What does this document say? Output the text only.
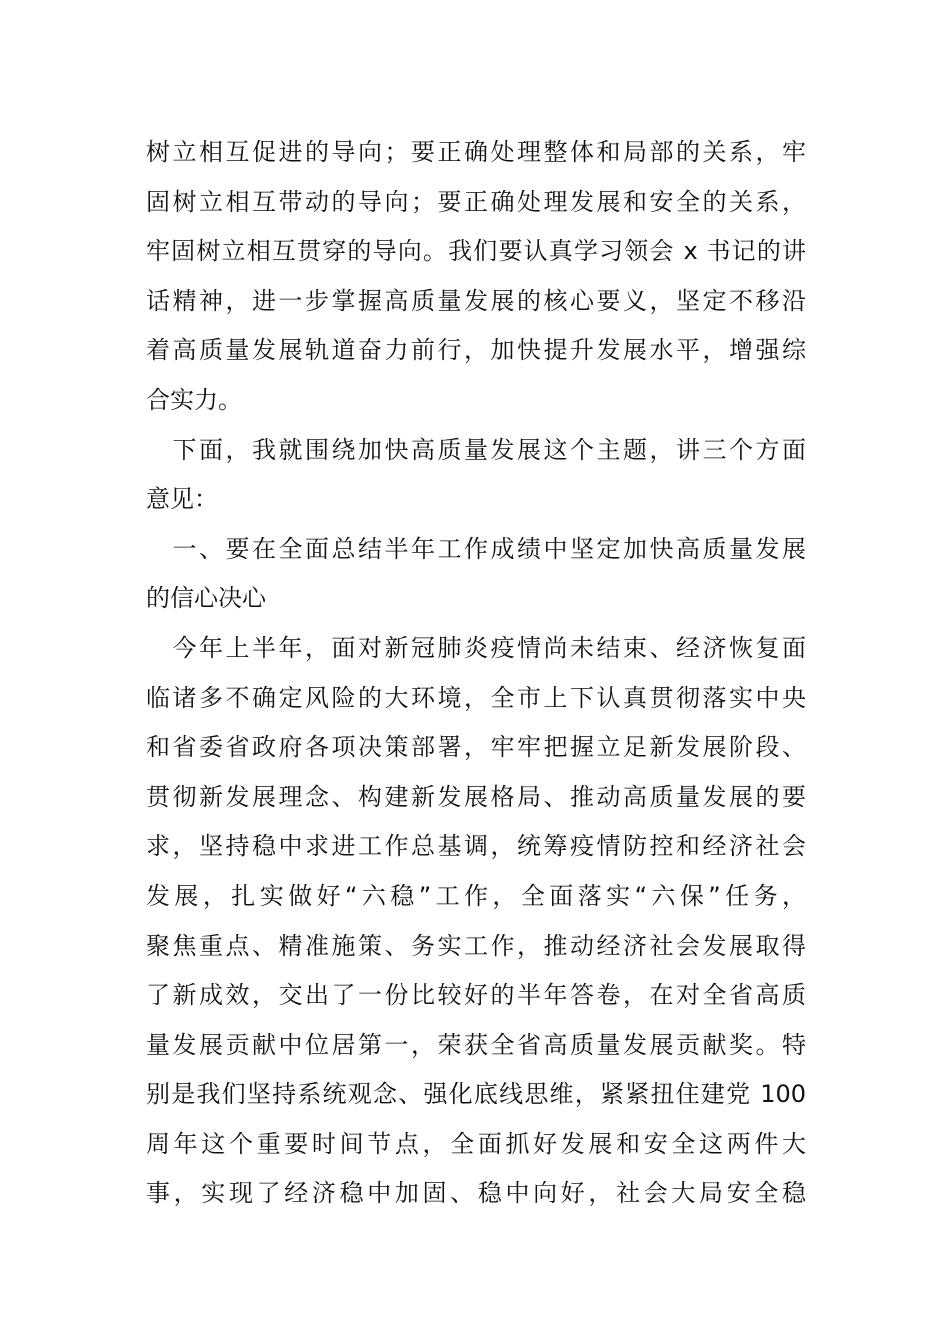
树立相互促进的导向；要正确处理整体和局部的关系，牢
固树立相互带动的导向；要正确处理发展和安全的关系，
牢固树立相互贯穿的导向。我们要认真学习领会 x 书记的讲
话精神，进一步掌握高质量发展的核心要义，坚定不移沿
着高质量发展轨道奋力前行，加快提升发展水平，增强综
合实力。
　下面，我就围绕加快高质量发展这个主题，讲三个方面
意见：
　一、要在全面总结半年工作成绩中坚定加快高质量发展
的信心决心
　今年上半年，面对新冠肺炎疫情尚未结束、经济恢复面
临诸多不确定风险的大环境，全市上下认真贯彻落实中央
和省委省政府各项决策部署，牢牢把握立足新发展阶段、
贯彻新发展理念、构建新发展格局、推动高质量发展的要
求，坚持稳中求进工作总基调，统筹疫情防控和经济社会
发展，扎实做好“六稳”工作，全面落实“六保”任务，
聚焦重点、精准施策、务实工作，推动经济社会发展取得
了新成效，交出了一份比较好的半年答卷，在对全省高质
量发展贡献中位居第一，荣获全省高质量发展贡献奖。特
别是我们坚持系统观念、强化底线思维，紧紧扭住建党 100
周年这个重要时间节点，全面抓好发展和安全这两件大
事，实现了经济稳中加固、稳中向好，社会大局安全稳
